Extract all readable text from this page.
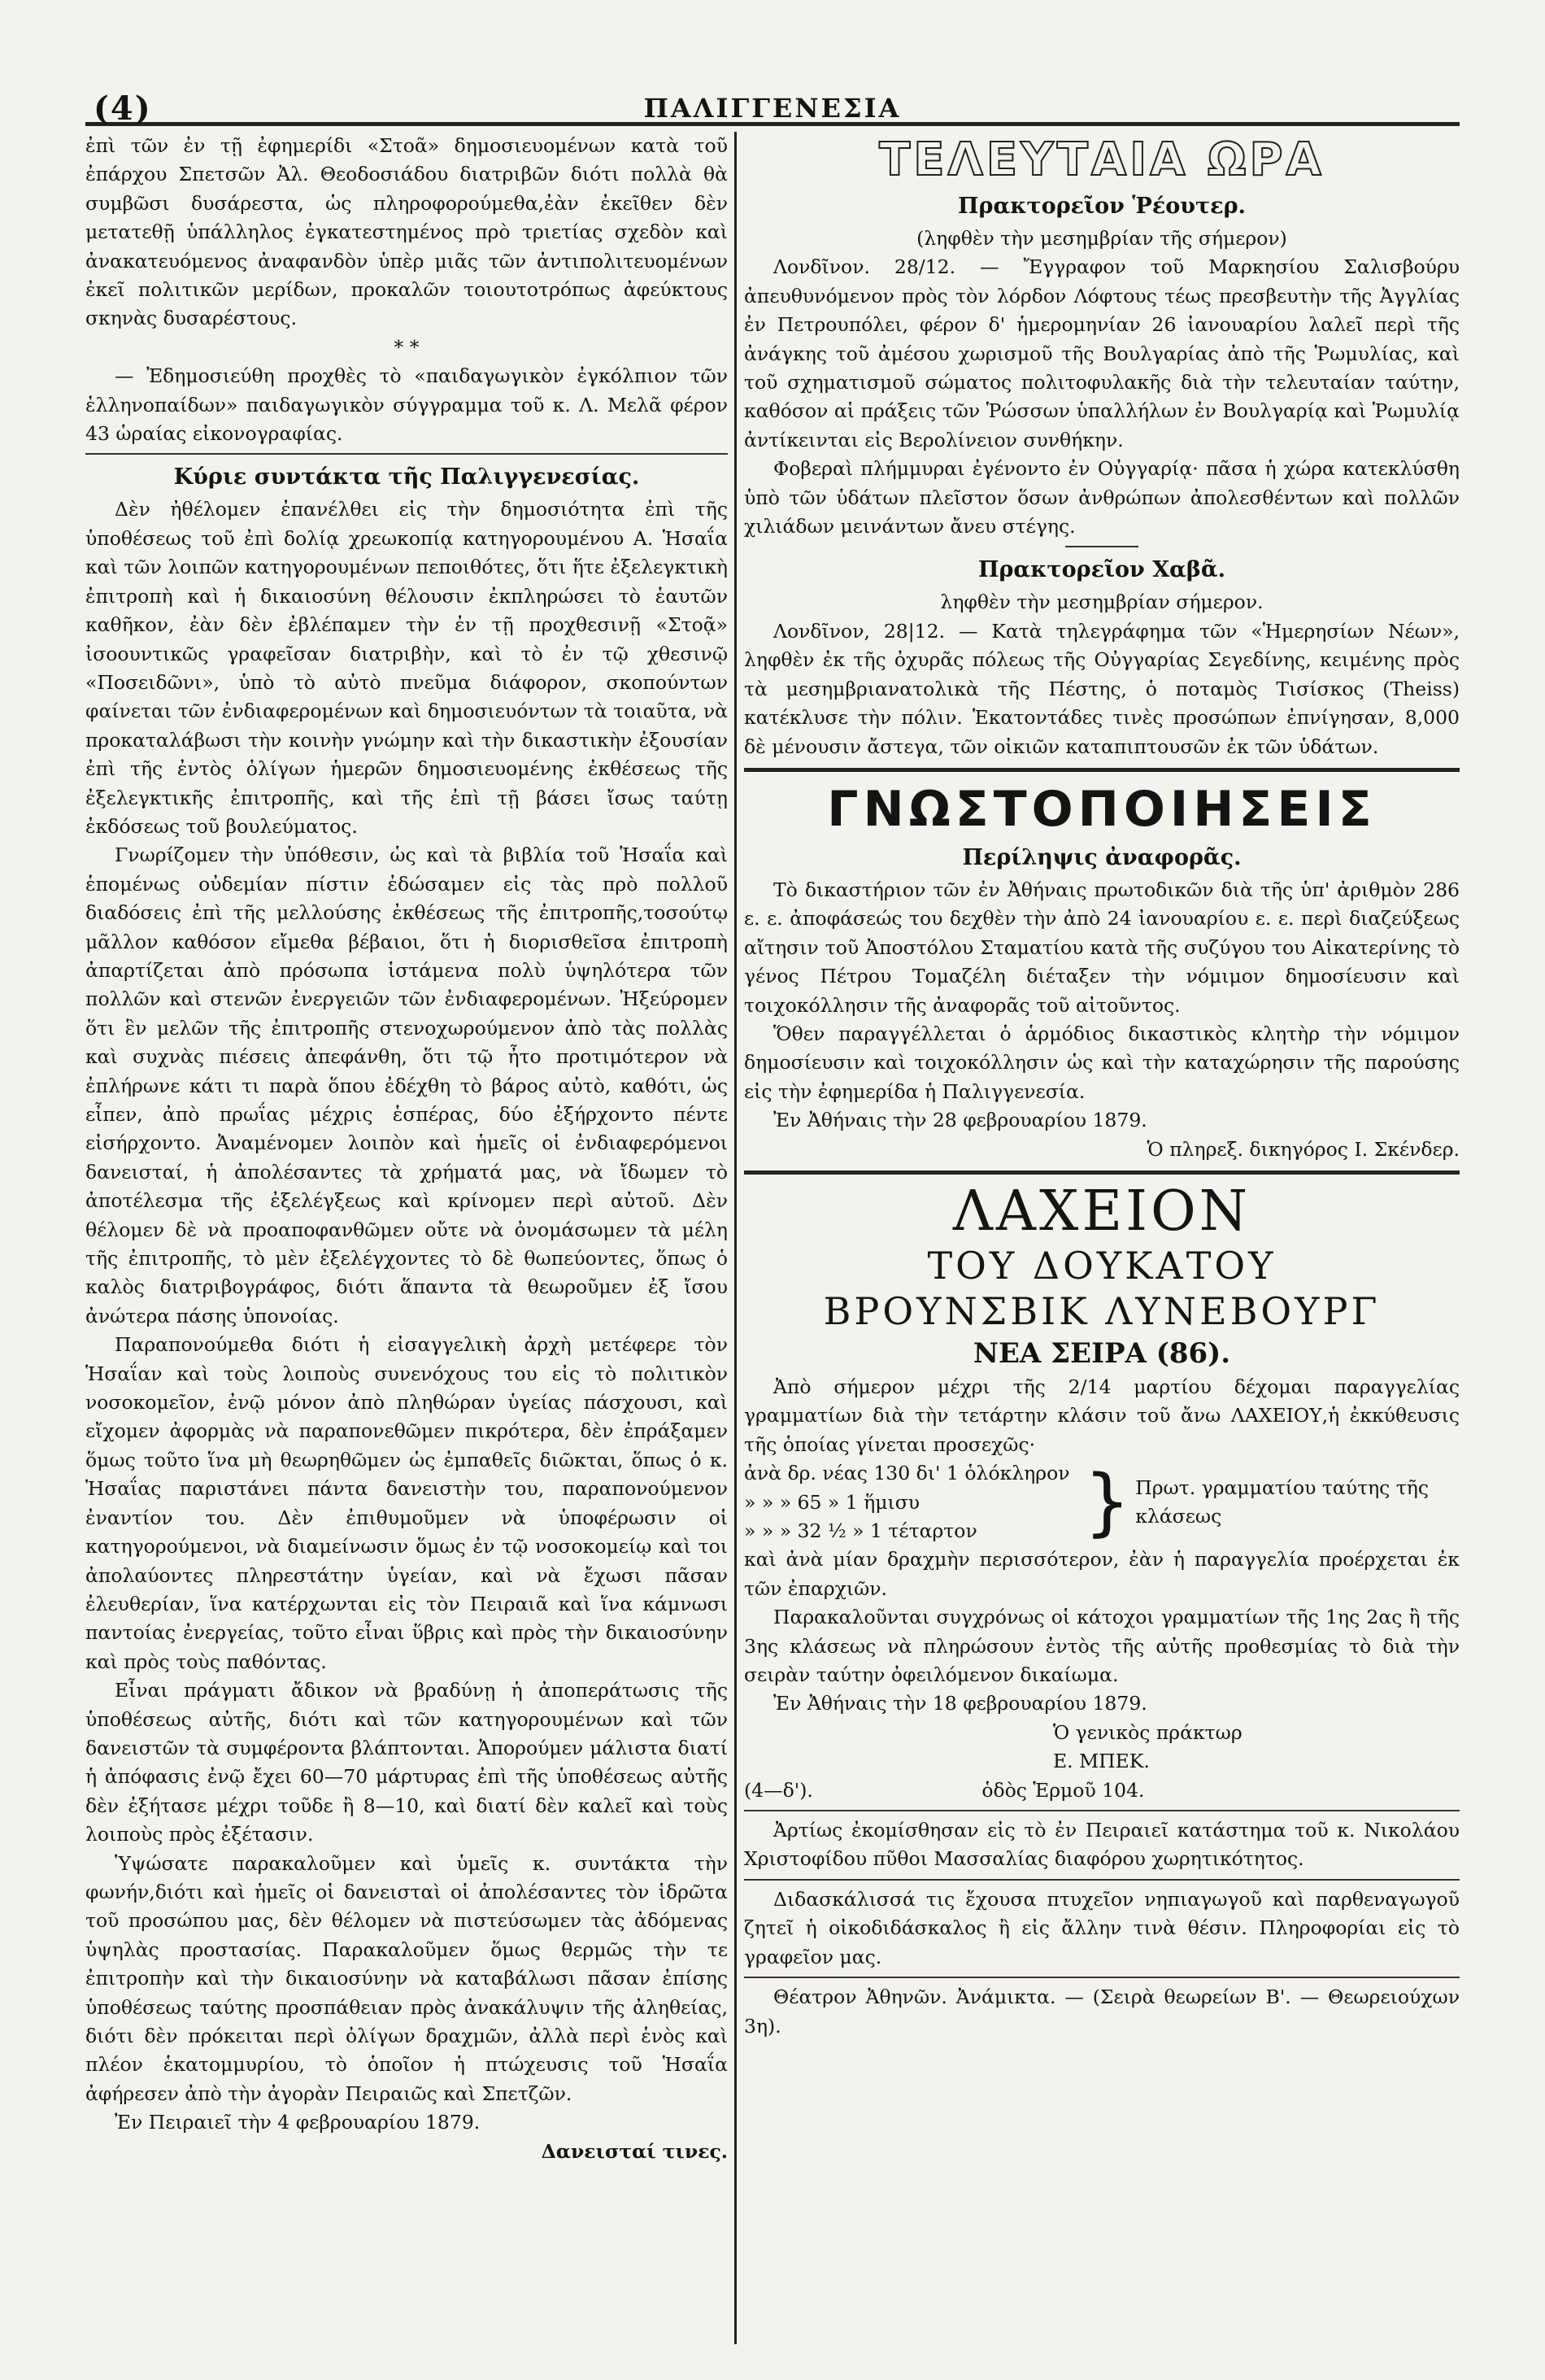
(4)	ΠΑΛΙΓΓΕΝΕΣΙΑ

ἐπὶ τῶν ἐν τῇ ἐφημερίδι «Στοᾶ» δημοσιευομένων κατὰ τοῦ ἐπάρχου Σπετσῶν Ἀλ. Θεοδοσιάδου διατριβῶν διότι πολλὰ θὰ συμβῶσι δυσάρεστα, ὡς πληροφορούμεθα,ἐὰν ἐκεῖθεν δὲν μετατεθῇ ὑπάλληλος ἐγκατεστημένος πρὸ τριετίας σχεδὸν καὶ ἀνακατευόμενος ἀναφανδὸν ὑπὲρ μιᾶς τῶν ἀντιπολιτευομένων ἐκεῖ πολιτικῶν μερίδων, προκαλῶν τοιουτοτρόπως ἀφεύκτους σκηνὰς δυσαρέστους.

* *

— Ἐδημοσιεύθη προχθὲς τὸ «παιδαγωγικὸν ἐγκόλπιον τῶν ἑλληνοπαίδων» παιδαγωγικὸν σύγγραμμα τοῦ κ. Λ. Μελᾶ φέρον 43 ὡραίας εἰκονογραφίας.

Κύριε συντάκτα τῆς Παλιγγενεσίας.

Δὲν ἠθέλομεν ἐπανέλθει εἰς τὴν δημοσιότητα ἐπὶ τῆς ὑποθέσεως τοῦ ἐπὶ δολίᾳ χρεωκοπίᾳ κατηγορουμένου Α. Ἡσαΐα καὶ τῶν λοιπῶν κατηγορουμένων πεποιθότες, ὅτι ἥτε ἐξελεγκτικὴ ἐπιτροπὴ καὶ ἡ δικαιοσύνη θέλουσιν ἐκπληρώσει τὸ ἑαυτῶν καθῆκον, ἐὰν δὲν ἐβλέπαμεν τὴν ἐν τῇ προχθεσινῇ «Στοᾷ» ἰσοουντικῶς γραφεῖσαν διατριβὴν, καὶ τὸ ἐν τῷ χθεσινῷ «Ποσειδῶνι», ὑπὸ τὸ αὐτὸ πνεῦμα διάφορον, σκοπούντων φαίνεται τῶν ἐνδιαφερομένων καὶ δημοσιευόντων τὰ τοιαῦτα, νὰ προκαταλάβωσι τὴν κοινὴν γνώμην καὶ τὴν δικαστικὴν ἐξουσίαν ἐπὶ τῆς ἐντὸς ὀλίγων ἡμερῶν δημοσιευομένης ἐκθέσεως τῆς ἐξελεγκτικῆς ἐπιτροπῆς, καὶ τῆς ἐπὶ τῇ βάσει ἴσως ταύτῃ ἐκδόσεως τοῦ βουλεύματος.

Γνωρίζομεν τὴν ὑπόθεσιν, ὡς καὶ τὰ βιβλία τοῦ Ἡσαΐα καὶ ἑπομένως οὐδεμίαν πίστιν ἐδώσαμεν εἰς τὰς πρὸ πολλοῦ διαδόσεις ἐπὶ τῆς μελλούσης ἐκθέσεως τῆς ἐπιτροπῆς,τοσούτῳ μᾶλλον καθόσον εἴμεθα βέβαιοι, ὅτι ἡ διορισθεῖσα ἐπιτροπὴ ἀπαρτίζεται ἀπὸ πρόσωπα ἱστάμενα πολὺ ὑψηλότερα τῶν πολλῶν καὶ στενῶν ἐνεργειῶν τῶν ἐνδιαφερομένων. Ἠξεύρομεν ὅτι ἓν μελῶν τῆς ἐπιτροπῆς στενοχωρούμενον ἀπὸ τὰς πολλὰς καὶ συχνὰς πιέσεις ἀπεφάνθη, ὅτι τῷ ἦτο προτιμότερον νὰ ἐπλήρωνε κάτι τι παρὰ ὅπου ἐδέχθη τὸ βάρος αὐτὸ, καθότι, ὡς εἶπεν, ἀπὸ πρωΐας μέχρις ἑσπέρας, δύο ἐξήρχοντο πέντε εἰσήρχοντο. Ἀναμένομεν λοιπὸν καὶ ἡμεῖς οἱ ἐνδιαφερόμενοι δανεισταί, ἡ ἀπολέσαντες τὰ χρήματά μας, νὰ ἴδωμεν τὸ ἀποτέλεσμα τῆς ἐξελέγξεως καὶ κρίνομεν περὶ αὐτοῦ. Δὲν θέλομεν δὲ νὰ προαποφανθῶμεν οὔτε νὰ ὀνομάσωμεν τὰ μέλη τῆς ἐπιτροπῆς, τὸ μὲν ἐξελέγχοντες τὸ δὲ θωπεύοντες, ὅπως ὁ καλὸς διατριβογράφος, διότι ἅπαντα τὰ θεωροῦμεν ἐξ ἴσου ἀνώτερα πάσης ὑπονοίας.

Παραπονούμεθα διότι ἡ εἰσαγγελικὴ ἀρχὴ μετέφερε τὸν Ἡσαΐαν καὶ τοὺς λοιποὺς συνενόχους του εἰς τὸ πολιτικὸν νοσοκομεῖον, ἐνῷ μόνον ἀπὸ πληθώραν ὑγείας πάσχουσι, καὶ εἴχομεν ἀφορμὰς νὰ παραπονεθῶμεν πικρότερα, δὲν ἐπράξαμεν ὅμως τοῦτο ἵνα μὴ θεωρηθῶμεν ὡς ἐμπαθεῖς διῶκται, ὅπως ὁ κ. Ἡσαΐας παριστάνει πάντα δανειστὴν του, παραπονούμενον ἐναντίον του. Δὲν ἐπιθυμοῦμεν νὰ ὑποφέρωσιν οἱ κατηγορούμενοι, νὰ διαμείνωσιν ὅμως ἐν τῷ νοσοκομείῳ καὶ τοι ἀπολαύοντες πληρεστάτην ὑγείαν, καὶ νὰ ἔχωσι πᾶσαν ἐλευθερίαν, ἵνα κατέρχωνται εἰς τὸν Πειραιᾶ καὶ ἵνα κάμνωσι παντοίας ἐνεργείας, τοῦτο εἶναι ὕβρις καὶ πρὸς τὴν δικαιοσύνην καὶ πρὸς τοὺς παθόντας.

Εἶναι πράγματι ἄδικον νὰ βραδύνῃ ἡ ἀποπεράτωσις τῆς ὑποθέσεως αὐτῆς, διότι καὶ τῶν κατηγορουμένων καὶ τῶν δανειστῶν τὰ συμφέροντα βλάπτονται. Ἀπορούμεν μάλιστα διατί ἡ ἀπόφασις ἐνῷ ἔχει 60—70 μάρτυρας ἐπὶ τῆς ὑποθέσεως αὐτῆς δὲν ἐξήτασε μέχρι τοῦδε ἢ 8—10, καὶ διατί δὲν καλεῖ καὶ τοὺς λοιποὺς πρὸς ἐξέτασιν.

Ὑψώσατε παρακαλοῦμεν καὶ ὑμεῖς κ. συντάκτα τὴν φωνήν,διότι καὶ ἡμεῖς οἱ δανεισταὶ οἱ ἀπολέσαντες τὸν ἱδρῶτα τοῦ προσώπου μας, δὲν θέλομεν νὰ πιστεύσωμεν τὰς ἀδόμενας ὑψηλὰς προστασίας. Παρακαλοῦμεν ὅμως θερμῶς τὴν τε ἐπιτροπὴν καὶ τὴν δικαιοσύνην νὰ καταβάλωσι πᾶσαν ἐπίσης ὑποθέσεως ταύτης προσπάθειαν πρὸς ἀνακάλυψιν τῆς ἀληθείας, διότι δὲν πρόκειται περὶ ὀλίγων δραχμῶν, ἀλλὰ περὶ ἑνὸς καὶ πλέον ἑκατομμυρίου, τὸ ὁποῖον ἡ πτώχευσις τοῦ Ἡσαΐα ἀφήρεσεν ἀπὸ τὴν ἀγορὰν Πειραιῶς καὶ Σπετζῶν.

Ἐν Πειραιεῖ τὴν 4 φεβρουαρίου 1879.

Δανεισταί τινες.

ΤΕΛΕΥΤΑΙΑ ΩΡΑ
Πρακτορεῖον Ῥέουτερ.

(ληφθὲν τὴν μεσημβρίαν τῆς σήμερον)

Λονδῖνον. 28/12. — Ἔγγραφον τοῦ Μαρκησίου Σαλισβούρυ ἀπευθυνόμενον πρὸς τὸν λόρδον Λόφτους τέως πρεσβευτὴν τῆς Ἀγγλίας ἐν Πετρουπόλει, φέρον δ' ἡμερομηνίαν 26 ἰανουαρίου λαλεῖ περὶ τῆς ἀνάγκης τοῦ ἀμέσου χωρισμοῦ τῆς Βουλγαρίας ἀπὸ τῆς Ῥωμυλίας, καὶ τοῦ σχηματισμοῦ σώματος πολιτοφυλακῆς διὰ τὴν τελευταίαν ταύτην, καθόσον αἱ πράξεις τῶν Ῥώσσων ὑπαλλήλων ἐν Βουλγαρίᾳ καὶ Ῥωμυλίᾳ ἀντίκεινται εἰς Βερολίνειον συνθήκην.

Φοβεραὶ πλήμμυραι ἐγένοντο ἐν Οὐγγαρίᾳ· πᾶσα ἡ χώρα κατεκλύσθη ὑπὸ τῶν ὑδάτων πλεῖστον ὅσων ἀνθρώπων ἀπολεσθέντων καὶ πολλῶν χιλιάδων μεινάντων ἄνευ στέγης.

Πρακτορεῖον Χαβᾶ.

ληφθὲν τὴν μεσημβρίαν σήμερον.

Λονδῖνον, 28|12. — Κατὰ τηλεγράφημα τῶν «Ἡμερησίων Νέων», ληφθὲν ἐκ τῆς ὀχυρᾶς πόλεως τῆς Οὐγγαρίας Σεγεδίνης, κειμένης πρὸς τὰ μεσημβριανατολικὰ τῆς Πέστης, ὁ ποταμὸς Τισίσκος (Theiss) κατέκλυσε τὴν πόλιν. Ἑκατοντάδες τινὲς προσώπων ἐπνίγησαν, 8,000 δὲ μένουσιν ἄστεγα, τῶν οἰκιῶν καταπιπτουσῶν ἐκ τῶν ὑδάτων.

ΓΝΩΣΤΟΠΟΙΗΣΕΙΣ
Περίληψις ἀναφορᾶς.

Τὸ δικαστήριον τῶν ἐν Ἀθήναις πρωτοδικῶν διὰ τῆς ὑπ' ἀριθμὸν 286 ε. ε. ἀποφάσεώς του δεχθὲν τὴν ἀπὸ 24 ἰανουαρίου ε. ε. περὶ διαζεύξεως αἴτησιν τοῦ Ἀποστόλου Σταματίου κατὰ τῆς συζύγου του Αἰκατερίνης τὸ γένος Πέτρου Τομαζέλη διέταξεν τὴν νόμιμον δημοσίευσιν καὶ τοιχοκόλλησιν τῆς ἀναφορᾶς τοῦ αἰτοῦντος.

Ὅθεν παραγγέλλεται ὁ ἁρμόδιος δικαστικὸς κλητὴρ τὴν νόμιμον δημοσίευσιν καὶ τοιχοκόλλησιν ὡς καὶ τὴν καταχώρησιν τῆς παρούσης εἰς τὴν ἐφημερίδα ἡ Παλιγγενεσία.

Ἐν Ἀθήναις τὴν 28 φεβρουαρίου 1879.

Ὁ πληρεξ. δικηγόρος Ι. Σκένδερ.

ΛΑΧΕΙΟΝ
ΤΟΥ ΔΟΥΚΑΤΟΥ
ΒΡΟΥΝΣΒΙΚ ΛΥΝΕΒΟΥΡΓ
ΝΕΑ ΣΕΙΡΑ (86).

Ἀπὸ σήμερον μέχρι τῆς 2/14 μαρτίου δέχομαι παραγγελίας γραμματίων διὰ τὴν τετάρτην κλάσιν τοῦ ἄνω ΛΑΧΕΙΟΥ,ἡ ἐκκύθευσις τῆς ὁποίας γίνεται προσεχῶς·

ἀνὰ δρ. νέας 130 δι' 1 ὁλόκληρον

» » » 65 » 1 ἥμισυ

» » » 32 ½ » 1 τέταρτον	} Πρωτ. γραμματίου ταύτης τῆς κλάσεως

καὶ ἀνὰ μίαν δραχμὴν περισσότερον, ἐὰν ἡ παραγγελία προέρχεται ἐκ τῶν ἐπαρχιῶν.

Παρακαλοῦνται συγχρόνως οἱ κάτοχοι γραμματίων τῆς 1ης 2ας ἢ τῆς 3ης κλάσεως νὰ πληρώσουν ἐντὸς τῆς αὐτῆς προθεσμίας τὸ διὰ τὴν σειρὰν ταύτην ὀφειλόμενον δικαίωμα.

Ἐν Ἀθήναις τὴν 18 φεβρουαρίου 1879.

Ὁ γενικὸς πράκτωρ

Ε. ΜΠΕΚ.

(4—δ').	ὁδὸς Ἑρμοῦ 104.

Ἀρτίως ἐκομίσθησαν εἰς τὸ ἐν Πειραιεῖ κατάστημα τοῦ κ. Νικολάου Χριστοφίδου πῦθοι Μασσαλίας διαφόρου χωρητικότητος.

Διδασκάλισσά τις ἔχουσα πτυχεῖον νηπιαγωγοῦ καὶ παρθεναγωγοῦ ζητεῖ ἡ οἰκοδιδάσκαλος ἢ εἰς ἄλλην τινὰ θέσιν. Πληροφορίαι εἰς τὸ γραφεῖον μας.

Θέατρον Ἀθηνῶν. Ἀνάμικτα. — (Σειρὰ θεωρείων Β'. — Θεωρειούχων 3η).
